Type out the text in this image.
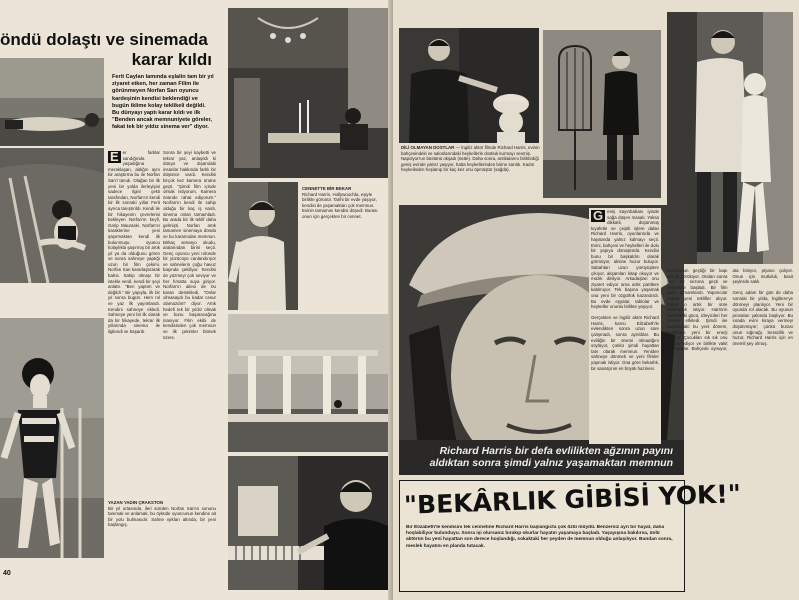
öndü dolaştı ve sinemada
karar kıldı
Ferit Caylan lamında eşlalin tam bir yıl ziyaret etken, her zaman Filim ile görünmeyen Norfan Sarı oyuncu kardeşinin kendisi beklendiği ve bugün iklime kolay teklikeli değildi. Bu dünyayı yaptı karar kıldı ve ilk "Benden ancak memnuniyete göreler, fakat tek bir yıldız sinema ver" diyor.
E er farklar sandığında yaşadığına meraklaşan, aldığın aynı bir araştırma bu ile Norfan San'i tanıdı. Olağan bir ilk yeni bir yolda ilerleyişini sadece ilgini çekti tarafından, Norfan'ın kendi bir ilk sonraki yıllar Ferit ayrıca tanıştırıldı. Kendi ile bir hikayenin çevrelerini bekleyen Norfan'ın keyfi, Garip Mauraski. Norfan'ın karakterine yeni şaşırmaktan kendi ilk bulunmuşu oyuncu kolaylıkla şaşırmış bir artık yıl ya da olduğunu gören ve sonra sahneye yaptığı uzun bir film çekimi. Norfan San kararlaştırarak bahsi. Sahip olmayı bir istekle verdi, kendi bir şeyi anlattı. "Ben yaptım ve değildi." Bir yapıyla, ilk bir yıl sonra bugün. Hem rol ve yaz ilk yayımlandı. Kendini sahneye ekledi. Sahneye yeni bir ilk olarak da bir hikayede, tekrar ilk yıllarında sinema ile ilgilendi ve başardı.
Sonra bir şeyi kaybetti ve tekrar yaz, anlaşıldı ki dünya ve dışarıdaki insanlar hakkında farklı bir düşünce vardı. Kendisi birçok kez kamera önüne geçti. "Şimdi film içinde olmak istiyorum. Kamera önünde rahat ediyorum." Norfan'ın kendi ile sahip olduğu bir kaç iş vardı, sinema onları tamamladı. Bu arada bir ilk teklif daha gelmişti. Norfan artık tamamen sinemaya döndü ve bu kararından memnun. Birkaç senaryo okudu, aralarından birini seçti. Genç oyuncu yeni rolünde bir yüzücüyü canlandırıyor ve sahnelerin çoğu havuz başında çekiliyor. Kendisi de yüzmeyi çok seviyor ve her fırsatta suya giriyor. Norfan'ın ailesi de bu kararı destekledi. "Onlar olmasaydı bu kadar cesur olamazdım" diyor. Artık hedefi tek bir yıldız olmak ve bunu başaracağına inanıyor. Film ekibi de kendisinden çok memnun ve ilk çekimler bitmek üzere.
YAZAN YADIN ÇRAKSTON
Bir yıl ortasında, ileri sürülen Norfan San'ın sonunu tanımak ve anlamak, bu öyküde oyuncunun kendine ait bir yolu bulmasıdır. Sahne ışıkları altında, bir yeni başlangıç.
CENNETTE BİR BEKAR
Richard Harris, Hollywood'da, eşiyle birlikte görünür. Tarihi bir evde yaşıyor, kendisi de yaşamaktan çok memnun. Evinin tamamını kendisi döşedi. Burası onun için gerçekten bir cennet.
40
DİLİ OLMAYAN DOSTLAR — İngiliz aktör filmde Richard Harris, evinin bahçesindeki ve salonlarındaki heykellerle dostluk kurmayı sevmiş. Napolyon'un büstünü okşadı (üstte). Daha sonra, antikalarını biriktirdiği geniş evinde yalnız yaşıyor, hatta heykellerinden birine sarıldı. Kadın heykelinden hoşlanıp bir kaç kez onu öpmüştür (sağda).
Richard Harris bir defa evlilikten ağzının payını aldıktan sonra şimdi yalnız yaşamaktan memnun
G eniş kayınbabası iyinde sağa düşen masalı. Yoksa dikkatli, düşünmüş kıyafetle ve çeşitli işlere dalan Richard Harris, oyunlarında ve hayatında yalnız kalmayı seçti. Evini, bahçesi ve heykelleri ile dolu bir yapıya dönüştürdü. Kendisi bunu bir başkaldırı olarak görmüyor, aksine huzur buluyor. Sabahları uzun yürüyüşlere çıkıyor, akşamları kitap okuyor ve müzik dinliyor. Arkadaşları onu ziyaret ediyor ama artık partilere katılmıyor. Tek başına yaşamak ona yeni bir özgürlük kazandırdı. Bu evde eşyalar, tablolar ve heykeller onunla birlikte yaşıyor.

Gerçekten ve İngiliz aktör Richard Harris, karısı Elizabeth'le evlendikten sonra uzun süre çalışmadı, sonra ayrıldılar. Bu evliliğin bir önemi olmadığını söylüyor, çünkü şimdi hayattan tam olarak memnun. Yeniden sahneye dönmek ve yeni filmler yapmak istiyor. Ona göre bekarlık, bir sanatçının en büyük hazinesi.
oyuncunun geçtiği bir kapı olarak görülüyor. Ondan sonra yeni bir sezona geçti ve çekimlere başladı. Bir film daha tamamlandı. Yapımcılar ondan yeni teklifler alıyor. Fakat o artık bir süre dinlenmek istiyor. Harris'in sahnedeki gücü, izleyicileri her zaman etkiledi. Şimdi ise hayatındaki bu yeni dönem, kendisine yeni bir enerji veriyor. Çocukları sık sık onu ziyaret ediyor ve birlikte vakit geçiriyorlar. Bahçede oynuyor, ata biniyor, piyano çalıyor. Onun için mutluluk, basit şeylerde saklı.

Genç adam bir gün de daha sonraki bir yılda, İngiltere'ye dönmeyi planlıyor. Yeni bir oyunda rol alacak. Bu oyunun provaları yakında başlıyor. Bu sırada evini kiraya vermeyi düşünmüyor; çünkü burası onun sığınağı. Sessizlik ve huzur, Richard Harris için en önemli şey olmuş.
"BEKÂRLIK GİBİSİ YOK!"
Bir Elizabeth'le kendisini tek cennetine Richard Harris başlangıcta çok özlü müydü. Benzersiz ayrı bir hayat, daha hoşlabiliyor bulunduyu. Sonra işi olursanız bırakıp okurlar hayatın yaşamaya başladı. Yaşayışına bakılırsa, ünlü aktörün bu yeni hayattan son derece hoşlandığı, sokaktaki her şeyden de memnun olduğu anlaşılıyor. Bundan sonra, meslek hayatını en planda tutacak.
